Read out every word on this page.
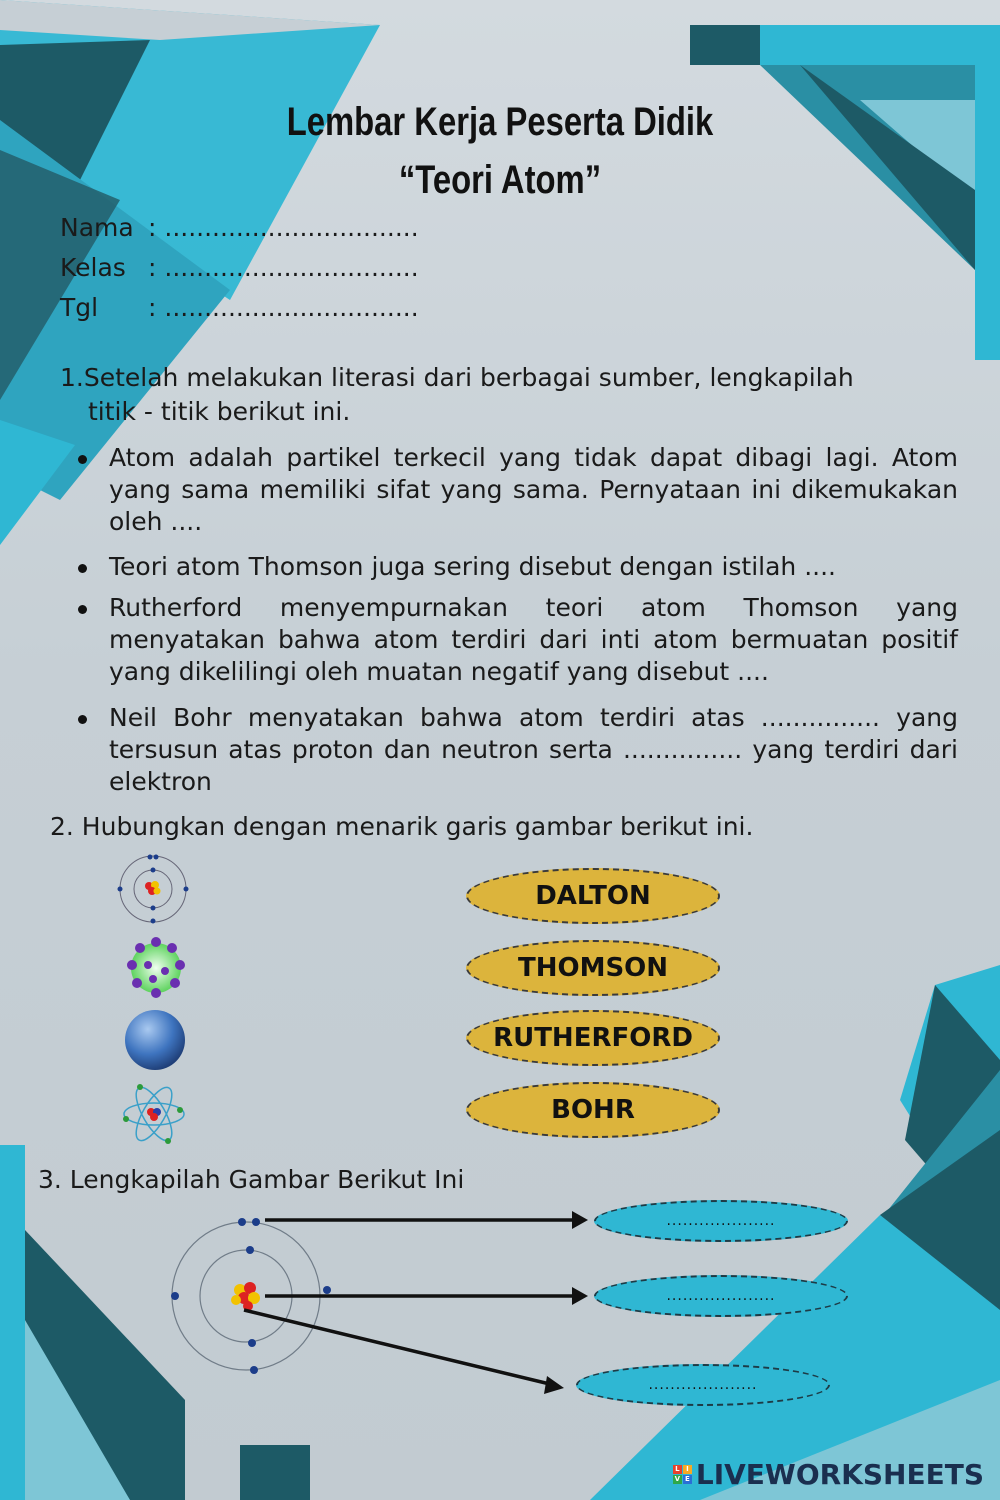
Lembar Kerja Peserta Didik
“Teori Atom”
Nama : ................................
Kelas : ................................
Tgl : ................................
1.Setelah melakukan literasi dari berbagai sumber, lengkapilah
titik - titik berikut ini.
Atom adalah partikel terkecil yang tidak dapat dibagi lagi. Atom yang sama memiliki sifat yang sama. Pernyataan ini dikemukakan oleh ....
Teori atom Thomson juga sering disebut dengan istilah ....
Rutherford menyempurnakan teori atom Thomson yang menyatakan bahwa atom terdiri dari inti atom bermuatan positif yang dikelilingi oleh muatan negatif yang disebut ....
Neil Bohr menyatakan bahwa atom terdiri atas ............... yang tersusun atas proton dan neutron serta ............... yang terdiri dari elektron
2. Hubungkan dengan menarik garis gambar berikut ini.
DALTON
THOMSON
RUTHERFORD
BOHR
3. Lengkapilah Gambar Berikut Ini
....................
....................
....................
L I
V E LIVEWORKSHEETS
